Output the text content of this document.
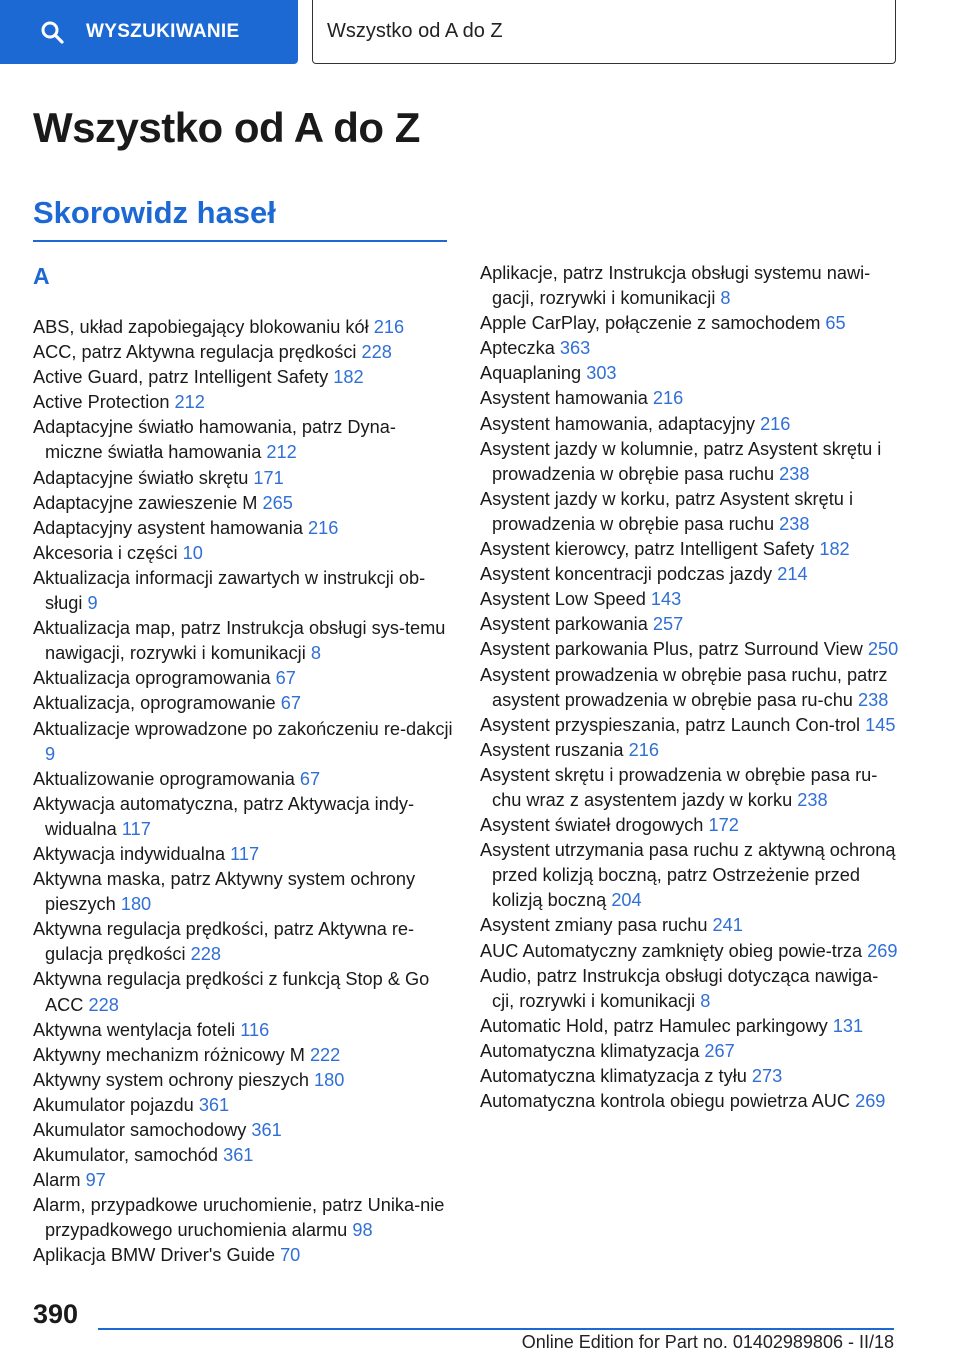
WYSZUKIWANIE	Wszystko od A do Z
Wszystko od A do Z
Skorowidz haseł
A
ABS, układ zapobiegający blokowaniu kół 216
ACC, patrz Aktywna regulacja prędkości 228
Active Guard, patrz Intelligent Safety 182
Active Protection 212
Adaptacyjne światło hamowania, patrz Dyna-miczne światła hamowania 212
Adaptacyjne światło skrętu 171
Adaptacyjne zawieszenie M 265
Adaptacyjny asystent hamowania 216
Akcesoria i części 10
Aktualizacja informacji zawartych w instrukcji ob-sługi 9
Aktualizacja map, patrz Instrukcja obsługi sys-temu nawigacji, rozrywki i komunikacji 8
Aktualizacja oprogramowania 67
Aktualizacja, oprogramowanie 67
Aktualizacje wprowadzone po zakończeniu re-dakcji 9
Aktualizowanie oprogramowania 67
Aktywacja automatyczna, patrz Aktywacja indy-widualna 117
Aktywacja indywidualna 117
Aktywna maska, patrz Aktywny system ochrony pieszych 180
Aktywna regulacja prędkości, patrz Aktywna re-gulacja prędkości 228
Aktywna regulacja prędkości z funkcją Stop & Go ACC 228
Aktywna wentylacja foteli 116
Aktywny mechanizm różnicowy M 222
Aktywny system ochrony pieszych 180
Akumulator pojazdu 361
Akumulator samochodowy 361
Akumulator, samochód 361
Alarm 97
Alarm, przypadkowe uruchomienie, patrz Unika-nie przypadkowego uruchomienia alarmu 98
Aplikacja BMW Driver's Guide 70
Aplikacje, patrz Instrukcja obsługi systemu nawi-gacji, rozrywki i komunikacji 8
Apple CarPlay, połączenie z samochodem 65
Apteczka 363
Aquaplaning 303
Asystent hamowania 216
Asystent hamowania, adaptacyjny 216
Asystent jazdy w kolumnie, patrz Asystent skrętu i prowadzenia w obrębie pasa ruchu 238
Asystent jazdy w korku, patrz Asystent skrętu i prowadzenia w obrębie pasa ruchu 238
Asystent kierowcy, patrz Intelligent Safety 182
Asystent koncentracji podczas jazdy 214
Asystent Low Speed 143
Asystent parkowania 257
Asystent parkowania Plus, patrz Surround View 250
Asystent prowadzenia w obrębie pasa ruchu, patrz asystent prowadzenia w obrębie pasa ru-chu 238
Asystent przyspieszania, patrz Launch Con-trol 145
Asystent ruszania 216
Asystent skrętu i prowadzenia w obrębie pasa ru-chu wraz z asystentem jazdy w korku 238
Asystent świateł drogowych 172
Asystent utrzymania pasa ruchu z aktywną ochroną przed kolizją boczną, patrz Ostrzeżenie przed kolizją boczną 204
Asystent zmiany pasa ruchu 241
AUC Automatyczny zamknięty obieg powie-trza 269
Audio, patrz Instrukcja obsługi dotycząca nawiga-cji, rozrywki i komunikacji 8
Automatic Hold, patrz Hamulec parkingowy 131
Automatyczna klimatyzacja 267
Automatyczna klimatyzacja z tyłu 273
Automatyczna kontrola obiegu powietrza AUC 269
390
Online Edition for Part no. 01402989806 - II/18
